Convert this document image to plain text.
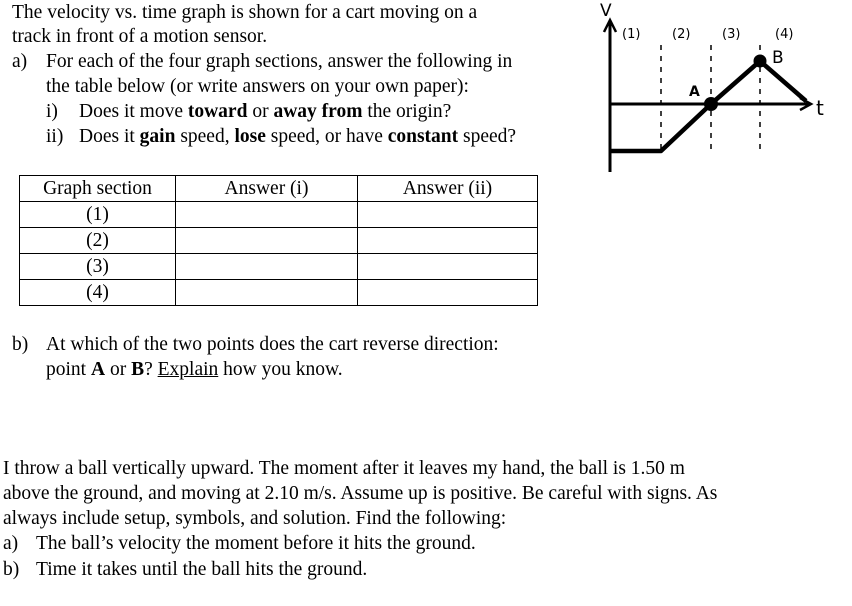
The velocity vs. time graph is shown for a cart moving on a
track in front of a motion sensor.
a) For each of the four graph sections, answer the following in
the table below (or write answers on your own paper):
i) Does it move toward or away from the origin?
ii) Does it gain speed, lose speed, or have constant speed?
Graph section	Answer (i)	Answer (ii)
(1)		
(2)		
(3)		
(4)		
b) At which of the two points does the cart reverse direction:
point A or B? Explain how you know.
V
t
(1) (2) (3)	(4)
A
B
I throw a ball vertically upward. The moment after it leaves my hand, the ball is 1.50 m
above the ground, and moving at 2.10 m/s. Assume up is positive. Be careful with signs. As
always include setup, symbols, and solution. Find the following:
a) The ball’s velocity the moment before it hits the ground.
b) Time it takes until the ball hits the ground.
